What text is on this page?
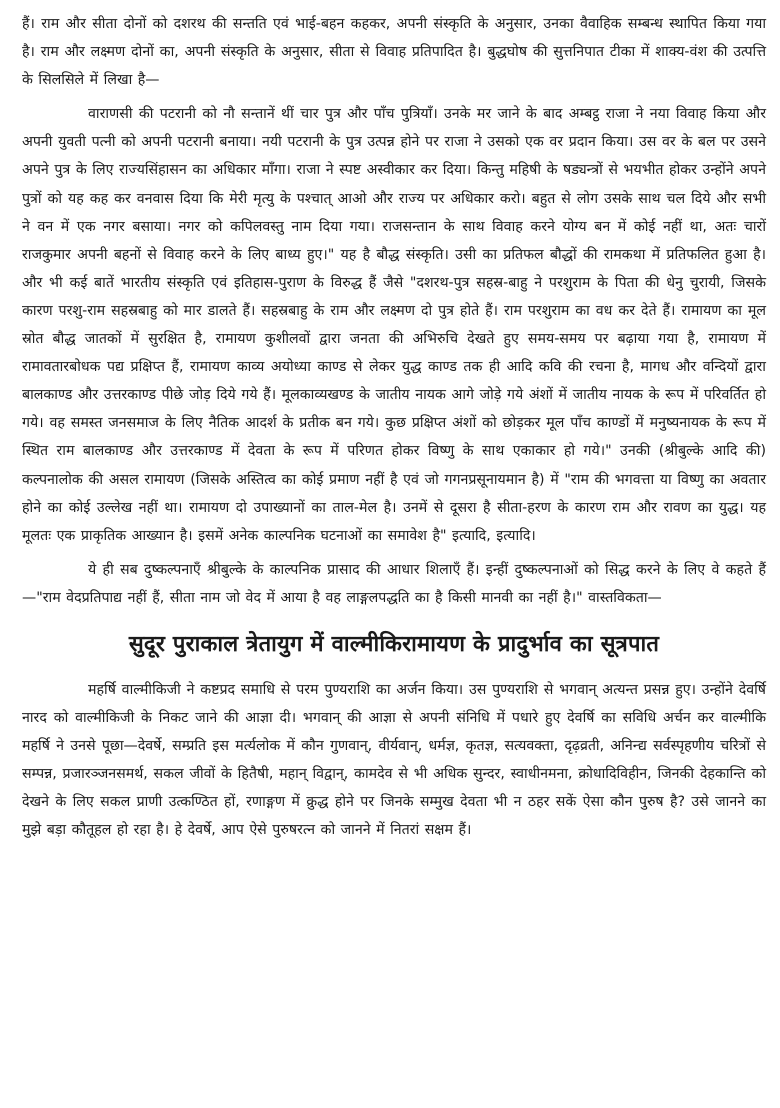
हैं। राम और सीता दोनों को दशरथ की सन्तति एवं भाई-बहन कहकर, अपनी संस्कृति के अनुसार, उनका वैवाहिक सम्बन्ध स्थापित किया गया है। राम और लक्ष्मण दोनों का, अपनी संस्कृति के अनुसार, सीता से विवाह प्रतिपादित है। बुद्धघोष की सुत्तनिपात टीका में शाक्य-वंश की उत्पत्ति के सिलसिले में लिखा है—

वाराणसी की पटरानी को नौ सन्तानें थीं चार पुत्र और पाँच पुत्रियाँ। उनके मर जाने के बाद अम्बट्ठ राजा ने नया विवाह किया और अपनी युवती पत्नी को अपनी पटरानी बनाया। नयी पटरानी के पुत्र उत्पन्न होने पर राजा ने उसको एक वर प्रदान किया। उस वर के बल पर उसने अपने पुत्र के लिए राज्यसिंहासन का अधिकार माँगा। राजा ने स्पष्ट अस्वीकार कर दिया। किन्तु महिषी के षड्यन्त्रों से भयभीत होकर उन्होंने अपने पुत्रों को यह कह कर वनवास दिया कि मेरी मृत्यु के पश्चात् आओ और राज्य पर अधिकार करो। बहुत से लोग उसके साथ चल दिये और सभी ने वन में एक नगर बसाया। नगर को कपिलवस्तु नाम दिया गया। राजसन्तान के साथ विवाह करने योग्य बन में कोई नहीं था, अतः चारों राजकुमार अपनी बहनों से विवाह करने के लिए बाध्य हुए।" यह है बौद्ध संस्कृति। उसी का प्रतिफल बौद्धों की रामकथा में प्रतिफलित हुआ है। और भी कई बातें भारतीय संस्कृति एवं इतिहास-पुराण के विरुद्ध हैं जैसे "दशरथ-पुत्र सहस्र-बाहु ने परशुराम के पिता की धेनु चुरायी, जिसके कारण परशु-राम सहस्रबाहु को मार डालते हैं। सहस्रबाहु के राम और लक्ष्मण दो पुत्र होते हैं। राम परशुराम का वध कर देते हैं। रामायण का मूल स्रोत बौद्ध जातकों में सुरक्षित है, रामायण कुशीलवों द्वारा जनता की अभिरुचि देखते हुए समय-समय पर बढ़ाया गया है, रामायण में रामावतारबोधक पद्य प्रक्षिप्त हैं, रामायण काव्य अयोध्या काण्ड से लेकर युद्ध काण्ड तक ही आदि कवि की रचना है, मागध और वन्दियों द्वारा बालकाण्ड और उत्तरकाण्ड पीछे जोड़ दिये गये हैं। मूलकाव्यखण्ड के जातीय नायक आगे जोड़े गये अंशों में जातीय नायक के रूप में परिवर्तित हो गये। वह समस्त जनसमाज के लिए नैतिक आदर्श के प्रतीक बन गये। कुछ प्रक्षिप्त अंशों को छोड़कर मूल पाँच काण्डों में मनुष्यनायक के रूप में स्थित राम बालकाण्ड और उत्तरकाण्ड में देवता के रूप में परिणत होकर विष्णु के साथ एकाकार हो गये।" उनकी (श्रीबुल्के आदि की) कल्पनालोक की असल रामायण (जिसके अस्तित्व का कोई प्रमाण नहीं है एवं जो गगनप्रसूनायमान है) में "राम की भगवत्ता या विष्णु का अवतार होने का कोई उल्लेख नहीं था। रामायण दो उपाख्यानों का ताल-मेल है। उनमें से दूसरा है सीता-हरण के कारण राम और रावण का युद्ध। यह मूलतः एक प्राकृतिक आख्यान है। इसमें अनेक काल्पनिक घटनाओं का समावेश है" इत्यादि, इत्यादि।

ये ही सब दुष्कल्पनाएँ श्रीबुल्के के काल्पनिक प्रासाद की आधार शिलाएँ हैं। इन्हीं दुष्कल्पनाओं को सिद्ध करने के लिए वे कहते हैं—"राम वेदप्रतिपाद्य नहीं हैं, सीता नाम जो वेद में आया है वह लाङ्गलपद्धति का है किसी मानवी का नहीं है।" वास्तविकता—

सुदूर पुराकाल त्रेतायुग में वाल्मीकिरामायण के प्रादुर्भाव का सूत्रपात

महर्षि वाल्मीकिजी ने कष्टप्रद समाधि से परम पुण्यराशि का अर्जन किया। उस पुण्यराशि से भगवान् अत्यन्त प्रसन्न हुए। उन्होंने देवर्षि नारद को वाल्मीकिजी के निकट जाने की आज्ञा दी। भगवान् की आज्ञा से अपनी संनिधि में पधारे हुए देवर्षि का सविधि अर्चन कर वाल्मीकि महर्षि ने उनसे पूछा—देवर्षे, सम्प्रति इस मर्त्यलोक में कौन गुणवान्, वीर्यवान्, धर्मज्ञ, कृतज्ञ, सत्यवक्ता, दृढ़व्रती, अनिन्द्य सर्वस्पृहणीय चरित्रों से सम्पन्न, प्रजारञ्जनसमर्थ, सकल जीवों के हितैषी, महान् विद्वान्, कामदेव से भी अधिक सुन्दर, स्वाधीनमना, क्रोधादिविहीन, जिनकी देहकान्ति को देखने के लिए सकल प्राणी उत्कण्ठित हों, रणाङ्गण में क्रुद्ध होने पर जिनके सम्मुख देवता भी न ठहर सकें ऐसा कौन पुरुष है? उसे जानने का मुझे बड़ा कौतूहल हो रहा है। हे देवर्षे, आप ऐसे पुरुषरत्न को जानने में नितरां सक्षम हैं।
